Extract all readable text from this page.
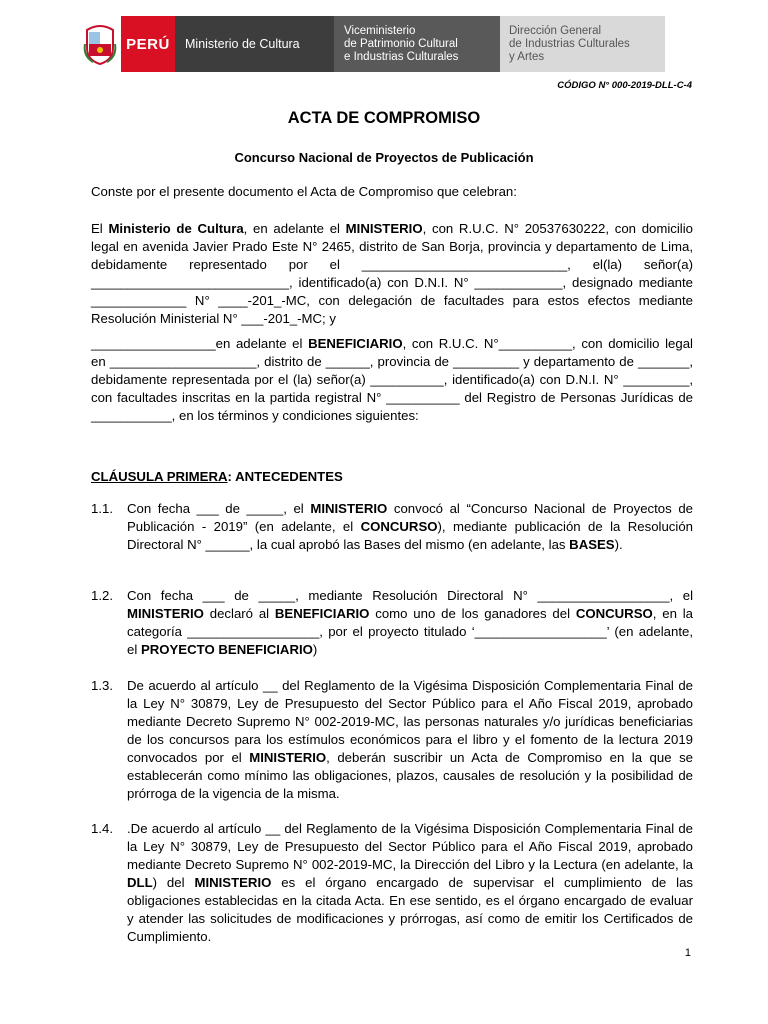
PERÚ	Ministerio de Cultura
Viceministerio
de Patrimonio Cultural
e Industrias Culturales
Dirección General
de Industrias Culturales
y Artes
CÓDIGO N° 000-2019-DLL-C-4
ACTA DE COMPROMISO
Concurso Nacional de Proyectos de Publicación
Conste por el presente documento el Acta de Compromiso que celebran:
El Ministerio de Cultura, en adelante el MINISTERIO, con R.U.C. N° 20537630222, con domicilio legal en avenida Javier Prado Este N° 2465, distrito de San Borja, provincia y departamento de Lima, debidamente representado por el ____________________________, el(la) señor(a) ___________________________, identificado(a) con D.N.I. N° ____________, designado mediante _____________ N° ____-201_-MC, con delegación de facultades para estos efectos mediante Resolución Ministerial N° ___-201_-MC; y
_________________en adelante el BENEFICIARIO, con R.U.C. N°__________, con domicilio legal en ____________________, distrito de ______, provincia de _________ y departamento de _______, debidamente representada por el (la) señor(a) __________, identificado(a) con D.N.I. N° _________, con facultades inscritas en la partida registral N° __________ del Registro de Personas Jurídicas de ___________, en los términos y condiciones siguientes:
CLÁUSULA PRIMERA: ANTECEDENTES
1.1.	Con fecha ___ de _____, el MINISTERIO convocó al “Concurso Nacional de Proyectos de Publicación - 2019” (en adelante, el CONCURSO), mediante publicación de la Resolución Directoral N° ______, la cual aprobó las Bases del mismo (en adelante, las BASES).
1.2.	Con fecha ___ de _____, mediante Resolución Directoral N° __________________, el MINISTERIO declaró al BENEFICIARIO como uno de los ganadores del CONCURSO, en la categoría __________________, por el proyecto titulado ‘__________________’ (en adelante, el PROYECTO BENEFICIARIO)
1.3.	De acuerdo al artículo __ del Reglamento de la Vigésima Disposición Complementaria Final de la Ley N° 30879, Ley de Presupuesto del Sector Público para el Año Fiscal 2019, aprobado mediante Decreto Supremo N° 002-2019-MC, las personas naturales y/o jurídicas beneficiarias de los concursos para los estímulos económicos para el libro y el fomento de la lectura 2019 convocados por el MINISTERIO, deberán suscribir un Acta de Compromiso en la que se establecerán como mínimo las obligaciones, plazos, causales de resolución y la posibilidad de prórroga de la vigencia de la misma.
1.4.	.De acuerdo al artículo __ del Reglamento de la Vigésima Disposición Complementaria Final de la Ley N° 30879, Ley de Presupuesto del Sector Público para el Año Fiscal 2019, aprobado mediante Decreto Supremo N° 002-2019-MC, la Dirección del Libro y la Lectura (en adelante, la DLL) del MINISTERIO es el órgano encargado de supervisar el cumplimiento de las obligaciones establecidas en la citada Acta. En ese sentido, es el órgano encargado de evaluar y atender las solicitudes de modificaciones y prórrogas, así como de emitir los Certificados de Cumplimiento.
1
